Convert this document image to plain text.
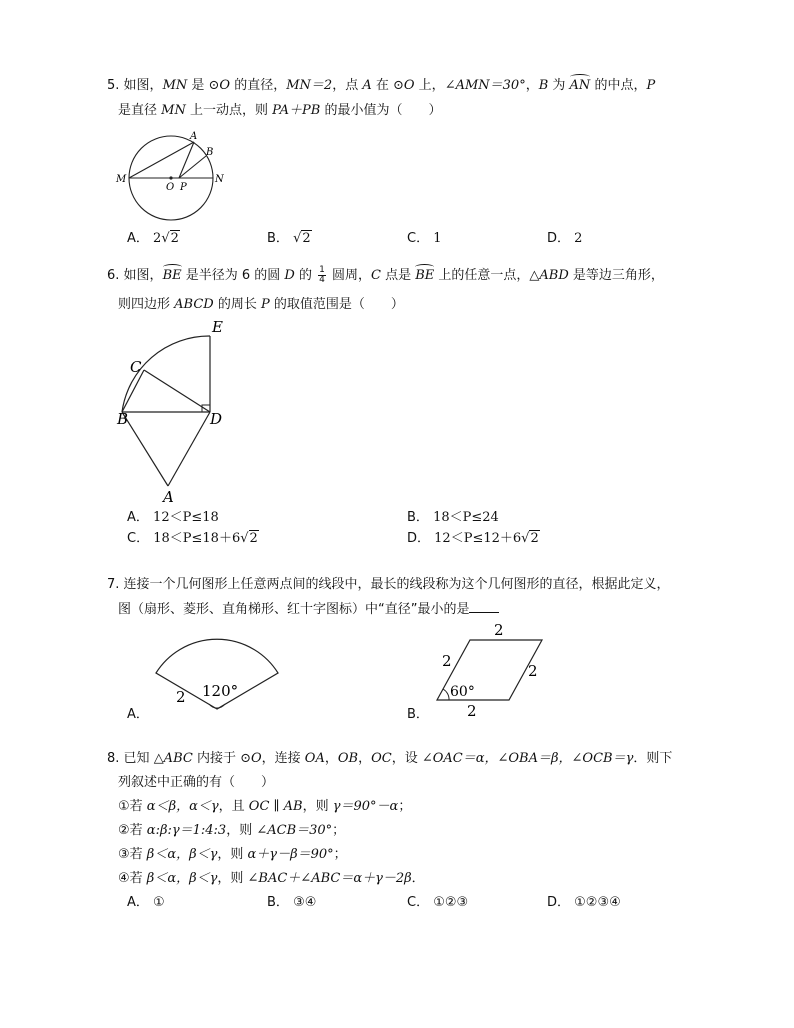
5. 如图，MN 是 ⊙O 的直径，MN＝2，点 A 在 ⊙O 上，∠AMN＝30°，B 为 AN 的中点，P
是直径 MN 上一动点，则 PA＋PB 的最小值为（　　）
M	N
O P
A
B
A． 2√2	B． √2	C． 1	D． 2
6. 如图，BE 是半径为 6 的圆 D 的 $\frac{1}{4}$ 圆周，C 点是 BE 上的任意一点，△ABD 是等边三角形，
则四边形 ABCD 的周长 P 的取值范围是（　　）
E
C
B	D
A
A． 12＜P≤18	B． 18＜P≤24
C． 18＜P≤18＋6√2	D． 12＜P≤12＋6√2
7. 连接一个几何图形上任意两点间的线段中，最长的线段称为这个几何图形的直径，根据此定义，
图（扇形、菱形、直角梯形、红十字图标）中“直径”最小的是
2 120°
A．
2
2
2
2
60°
B．
8. 已知 △ABC 内接于 ⊙O，连接 OA，OB，OC，设 ∠OAC＝α，∠OBA＝β，∠OCB＝γ．则下
列叙述中正确的有（　　）
①若 α＜β，α＜γ，且 OC ∥ AB，则 γ＝90°－α；
②若 α:β:γ＝1:4:3，则 ∠ACB＝30°；
③若 β＜α，β＜γ，则 α＋γ－β＝90°；
④若 β＜α，β＜γ，则 ∠BAC＋∠ABC＝α＋γ－2β．
A． ①	B． ③④	C． ①②③	D． ①②③④
